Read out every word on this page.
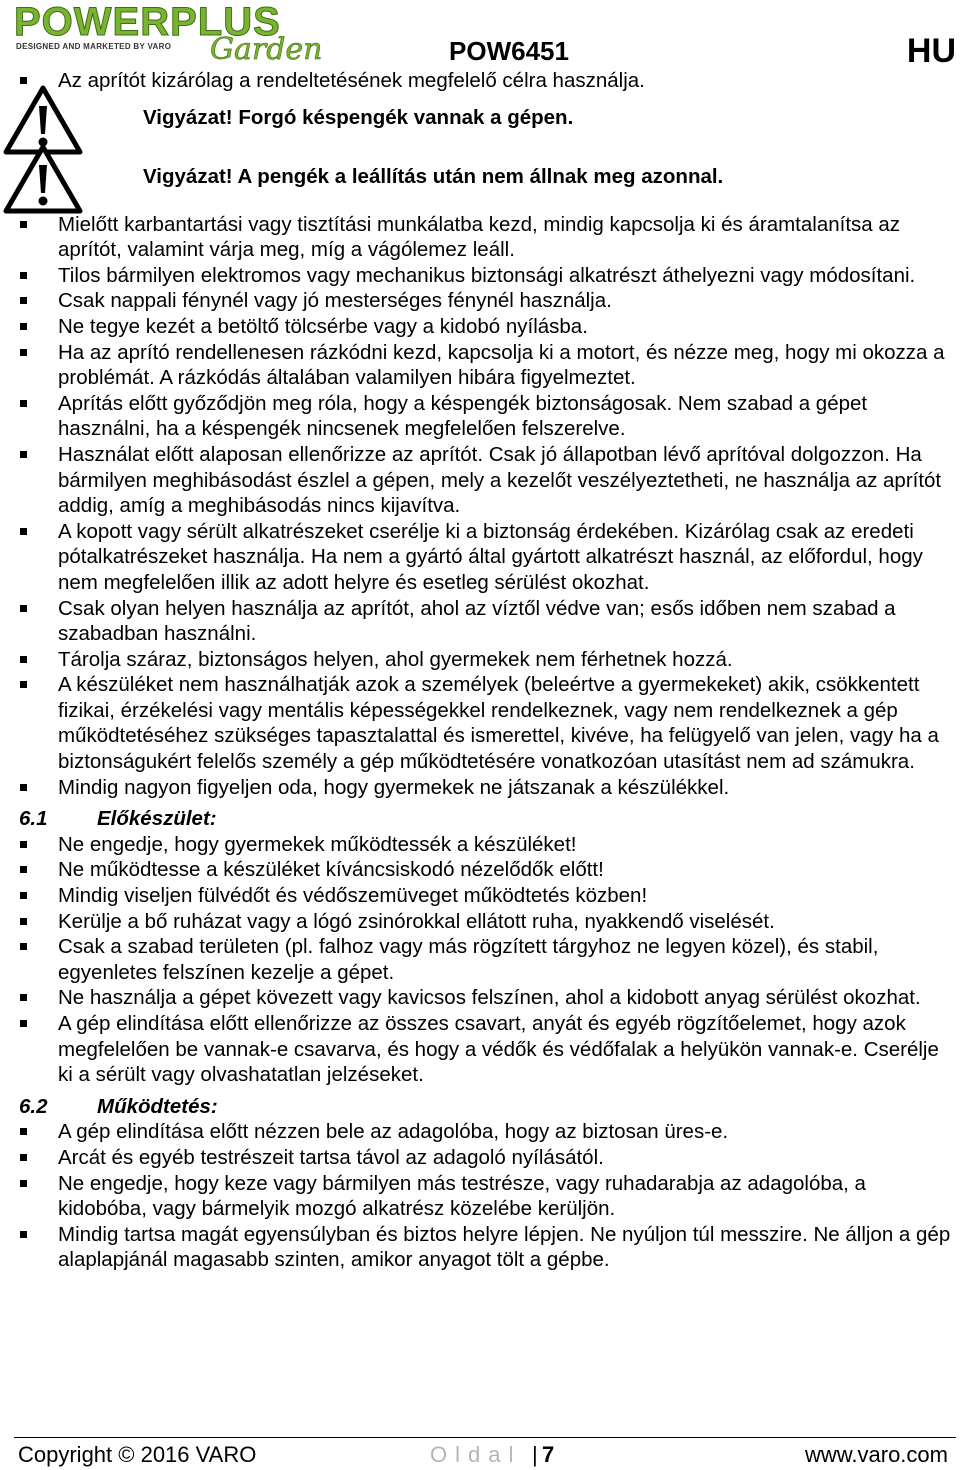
POWERPLUS
DESIGNED AND MARKETED BY VARO Garden	POW6451	HU
Az aprítót kizárólag a rendeltetésének megfelelő célra használja.
Vigyázat! Forgó késpengék vannak a gépen.
Vigyázat! A pengék a leállítás után nem állnak meg azonnal.
Mielőtt karbantartási vagy tisztítási munkálatba kezd, mindig kapcsolja ki és áramtalanítsa az aprítót, valamint várja meg, míg a vágólemez leáll.
Tilos bármilyen elektromos vagy mechanikus biztonsági alkatrészt áthelyezni vagy módosítani.
Csak nappali fénynél vagy jó mesterséges fénynél használja.
Ne tegye kezét a betöltő tölcsérbe vagy a kidobó nyílásba.
Ha az aprító rendellenesen rázkódni kezd, kapcsolja ki a motort, és nézze meg, hogy mi okozza a problémát. A rázkódás általában valamilyen hibára figyelmeztet.
Aprítás előtt győződjön meg róla, hogy a késpengék biztonságosak. Nem szabad a gépet használni, ha a késpengék nincsenek megfelelően felszerelve.
Használat előtt alaposan ellenőrizze az aprítót. Csak jó állapotban lévő aprítóval dolgozzon. Ha bármilyen meghibásodást észlel a gépen, mely a kezelőt veszélyeztetheti, ne használja az aprítót addig, amíg a meghibásodás nincs kijavítva.
A kopott vagy sérült alkatrészeket cserélje ki a biztonság érdekében. Kizárólag csak az eredeti pótalkatrészeket használja. Ha nem a gyártó által gyártott alkatrészt használ, az előfordul, hogy nem megfelelően illik az adott helyre és esetleg sérülést okozhat.
Csak olyan helyen használja az aprítót, ahol az víztől védve van; esős időben nem szabad a szabadban használni.
Tárolja száraz, biztonságos helyen, ahol gyermekek nem férhetnek hozzá.
A készüléket nem használhatják azok a személyek (beleértve a gyermekeket) akik, csökkentett fizikai, érzékelési vagy mentális képességekkel rendelkeznek, vagy nem rendelkeznek a gép működtetéséhez szükséges tapasztalattal és ismerettel, kivéve, ha felügyelő van jelen, vagy ha a biztonságukért felelős személy a gép működtetésére vonatkozóan utasítást nem ad számukra.
Mindig nagyon figyeljen oda, hogy gyermekek ne játszanak a készülékkel.
6.1 Előkészület:
Ne engedje, hogy gyermekek működtessék a készüléket!
Ne működtesse a készüléket kíváncsiskodó nézelődők előtt!
Mindig viseljen fülvédőt és védőszemüveget működtetés közben!
Kerülje a bő ruházat vagy a lógó zsinórokkal ellátott ruha, nyakkendő viselését.
Csak a szabad területen (pl. falhoz vagy más rögzített tárgyhoz ne legyen közel), és stabil, egyenletes felszínen kezelje a gépet.
Ne használja a gépet kövezett vagy kavicsos felszínen, ahol a kidobott anyag sérülést okozhat.
A gép elindítása előtt ellenőrizze az összes csavart, anyát és egyéb rögzítőelemet, hogy azok megfelelően be vannak-e csavarva, és hogy a védők és védőfalak a helyükön vannak-e. Cserélje ki a sérült vagy olvashatatlan jelzéseket.
6.2 Működtetés:
A gép elindítása előtt nézzen bele az adagolóba, hogy az biztosan üres-e.
Arcát és egyéb testrészeit tartsa távol az adagoló nyílásától.
Ne engedje, hogy keze vagy bármilyen más testrésze, vagy ruhadarabja az adagolóba, a kidobóba, vagy bármelyik mozgó alkatrész közelébe kerüljön.
Mindig tartsa magát egyensúlyban és biztos helyre lépjen. Ne nyúljon túl messzire. Ne álljon a gép alaplapjánál magasabb szinten, amikor anyagot tölt a gépbe.
Copyright © 2016 VARO	Oldal | 7	www.varo.com
